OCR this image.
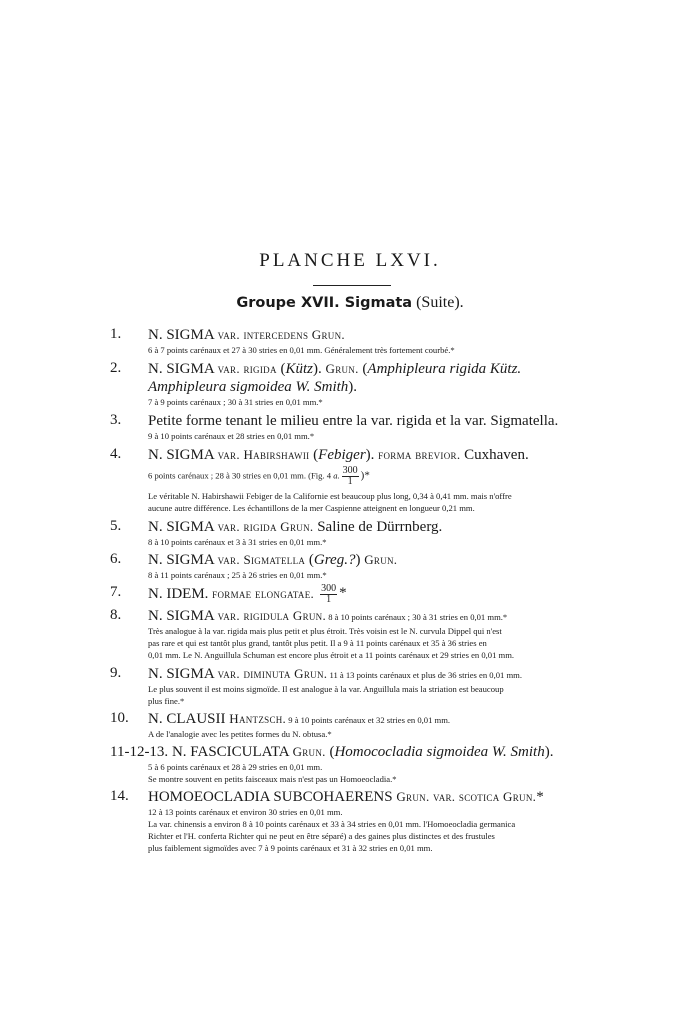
PLANCHE LXVI.
Groupe XVII. Sigmata (Suite).
1. N. SIGMA var. intercedens Grun.
6 à 7 points carénaux et 27 à 30 stries en 0,01 mm. Généralement très fortement courbé.*
2. N. SIGMA var. rigida (Kütz). Grun. (Amphipleura rigida Kütz.
Amphipleura sigmoidea W. Smith).
7 à 9 points carénaux ; 30 à 31 stries en 0,01 mm.*
3. Petite forme tenant le milieu entre la var. rigida et la var. Sigmatella.
9 à 10 points carénaux et 28 stries en 0,01 mm.*
4. N. SIGMA var. Habirshawii (Febiger). forma brevior. Cuxhaven.
6 points carénaux ; 28 à 30 stries en 0,01 mm. (Fig. 4 a. $\frac{300}{1}$ )*
Le véritable N. Habirshawii Febiger de la Californie est beaucoup plus long, 0,34 à 0,41 mm. mais n'offre
aucune autre différence. Les échantillons de la mer Caspienne atteignent en longueur 0,21 mm.
5. N. SIGMA var. rigida Grun. Saline de Dürrnberg.
8 à 10 points carénaux et 3 à 31 stries en 0,01 mm.*
6. N. SIGMA var. Sigmatella (Greg.?) Grun.
8 à 11 points carénaux ; 25 à 26 stries en 0,01 mm.*
7. N. IDEM. formae elongatae. $\frac{300}{1}$ *
8. N. SIGMA var. rigidula Grun. 8 à 10 points carénaux ; 30 à 31 stries en 0,01 mm.*
Très analogue à la var. rigida mais plus petit et plus étroit. Très voisin est le N. curvula Dippel qui n'est
pas rare et qui est tantôt plus grand, tantôt plus petit. Il a 9 à 11 points carénaux et 35 à 36 stries en
0,01 mm. Le N. Anguillula Schuman est encore plus étroit et a 11 points carénaux et 29 stries en 0,01 mm.
9. N. SIGMA var. diminuta Grun. 11 à 13 points carénaux et plus de 36 stries en 0,01 mm.
Le plus souvent il est moins sigmoïde. Il est analogue à la var. Anguillula mais la striation est beaucoup
plus fine.*
10. N. CLAUSII Hantzsch. 9 à 10 points carénaux et 32 stries en 0,01 mm.
A de l'analogie avec les petites formes du N. obtusa.*
11-12-13. N. FASCICULATA Grun. (Homococladia sigmoidea W. Smith).
5 à 6 points carénaux et 28 à 29 stries en 0,01 mm.
Se montre souvent en petits faisceaux mais n'est pas un Homoeocladia.*
14. HOMOEOCLADIA SUBCOHAERENS Grun. var. scotica Grun.*
12 à 13 points carénaux et environ 30 stries en 0,01 mm.
La var. chinensis a environ 8 à 10 points carénaux et 33 à 34 stries en 0,01 mm. l'Homoeocladia germanica
Richter et l'H. conferta Richter qui ne peut en être séparé) a des gaines plus distinctes et des frustules
plus faiblement sigmoïdes avec 7 à 9 points carénaux et 31 à 32 stries en 0,01 mm.
